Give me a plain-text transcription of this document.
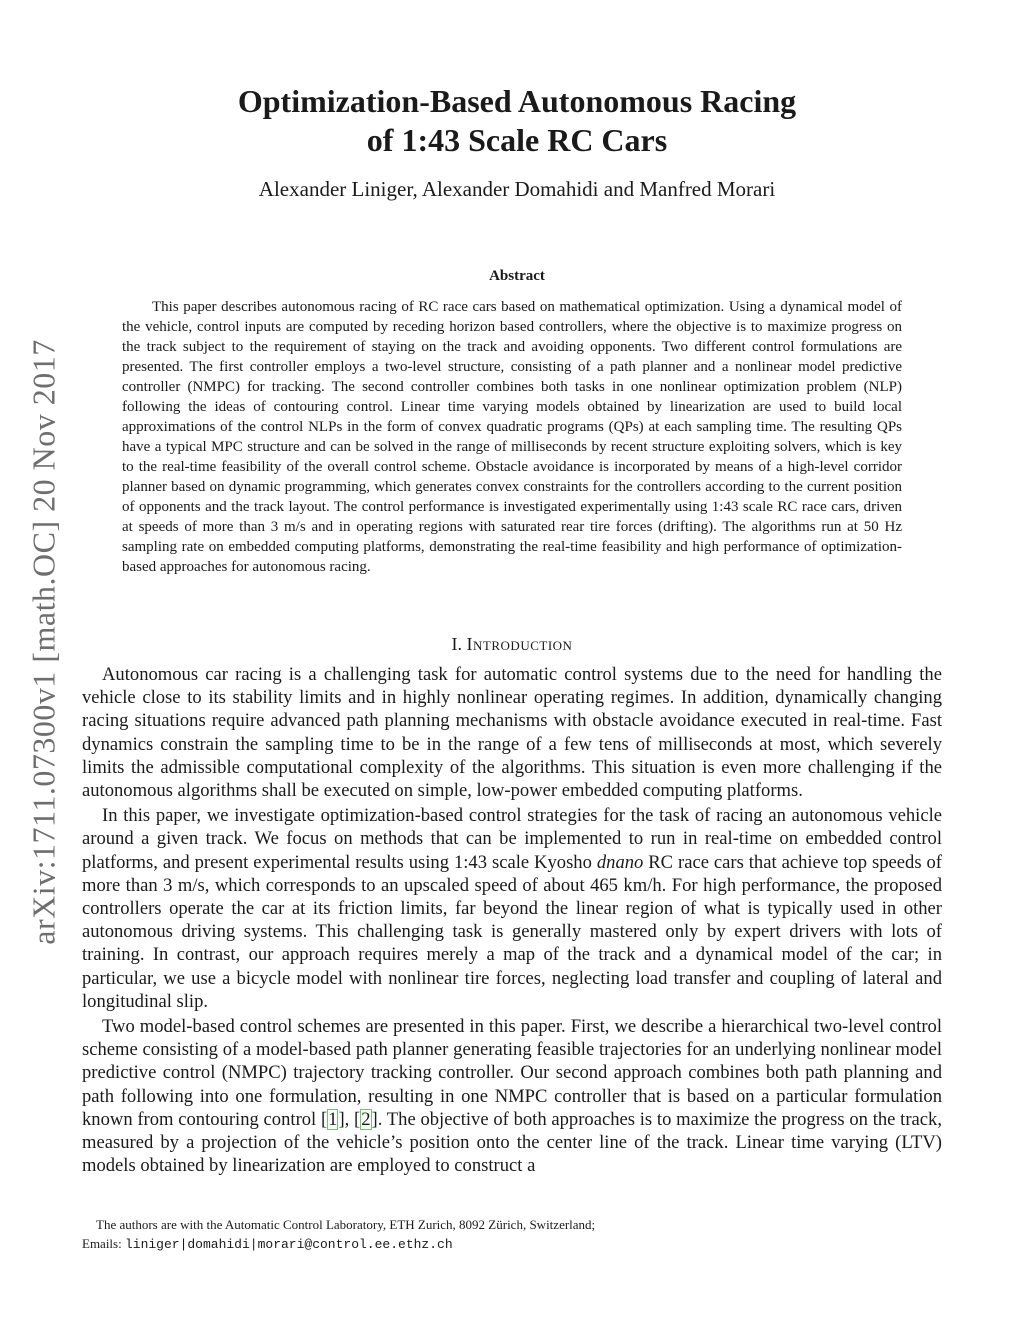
arXiv:1711.07300v1 [math.OC] 20 Nov 2017
Optimization-Based Autonomous Racing
of 1:43 Scale RC Cars

Alexander Liniger, Alexander Domahidi and Manfred Morari

Abstract

This paper describes autonomous racing of RC race cars based on mathematical optimization. Using a dynamical model of the vehicle, control inputs are computed by receding horizon based controllers, where the objective is to maximize progress on the track subject to the requirement of staying on the track and avoiding opponents. Two different control formulations are presented. The first controller employs a two-level structure, consisting of a path planner and a nonlinear model predictive controller (NMPC) for tracking. The second controller combines both tasks in one nonlinear optimization problem (NLP) following the ideas of contouring control. Linear time varying models obtained by linearization are used to build local approximations of the control NLPs in the form of convex quadratic programs (QPs) at each sampling time. The resulting QPs have a typical MPC structure and can be solved in the range of milliseconds by recent structure exploiting solvers, which is key to the real-time feasibility of the overall control scheme. Obstacle avoidance is incorporated by means of a high-level corridor planner based on dynamic programming, which generates convex constraints for the controllers according to the current position of opponents and the track layout. The control performance is investigated experimentally using 1:43 scale RC race cars, driven at speeds of more than 3 m/s and in operating regions with saturated rear tire forces (drifting). The algorithms run at 50 Hz sampling rate on embedded computing platforms, demonstrating the real-time feasibility and high performance of optimization-based approaches for autonomous racing.

I. Introduction

Autonomous car racing is a challenging task for automatic control systems due to the need for handling the vehicle close to its stability limits and in highly nonlinear operating regimes. In addition, dynamically changing racing situations require advanced path planning mechanisms with obstacle avoidance executed in real-time. Fast dynamics constrain the sampling time to be in the range of a few tens of milliseconds at most, which severely limits the admissible computational complexity of the algorithms. This situation is even more challenging if the autonomous algorithms shall be executed on simple, low-power embedded computing platforms.

In this paper, we investigate optimization-based control strategies for the task of racing an autonomous vehicle around a given track. We focus on methods that can be implemented to run in real-time on embedded control platforms, and present experimental results using 1:43 scale Kyosho dnano RC race cars that achieve top speeds of more than 3 m/s, which corresponds to an upscaled speed of about 465 km/h. For high performance, the proposed controllers operate the car at its friction limits, far beyond the linear region of what is typically used in other autonomous driving systems. This challenging task is generally mastered only by expert drivers with lots of training. In contrast, our approach requires merely a map of the track and a dynamical model of the car; in particular, we use a bicycle model with nonlinear tire forces, neglecting load transfer and coupling of lateral and longitudinal slip.

Two model-based control schemes are presented in this paper. First, we describe a hierarchical two-level control scheme consisting of a model-based path planner generating feasible trajectories for an underlying nonlinear model predictive control (NMPC) trajectory tracking controller. Our second approach combines both path planning and path following into one formulation, resulting in one NMPC controller that is based on a particular formulation known from contouring control [1], [2]. The objective of both approaches is to maximize the progress on the track, measured by a projection of the vehicle’s position onto the center line of the track. Linear time varying (LTV) models obtained by linearization are employed to construct a

The authors are with the Automatic Control Laboratory, ETH Zurich, 8092 Zürich, Switzerland;
Emails: liniger|domahidi|morari@control.ee.ethz.ch
